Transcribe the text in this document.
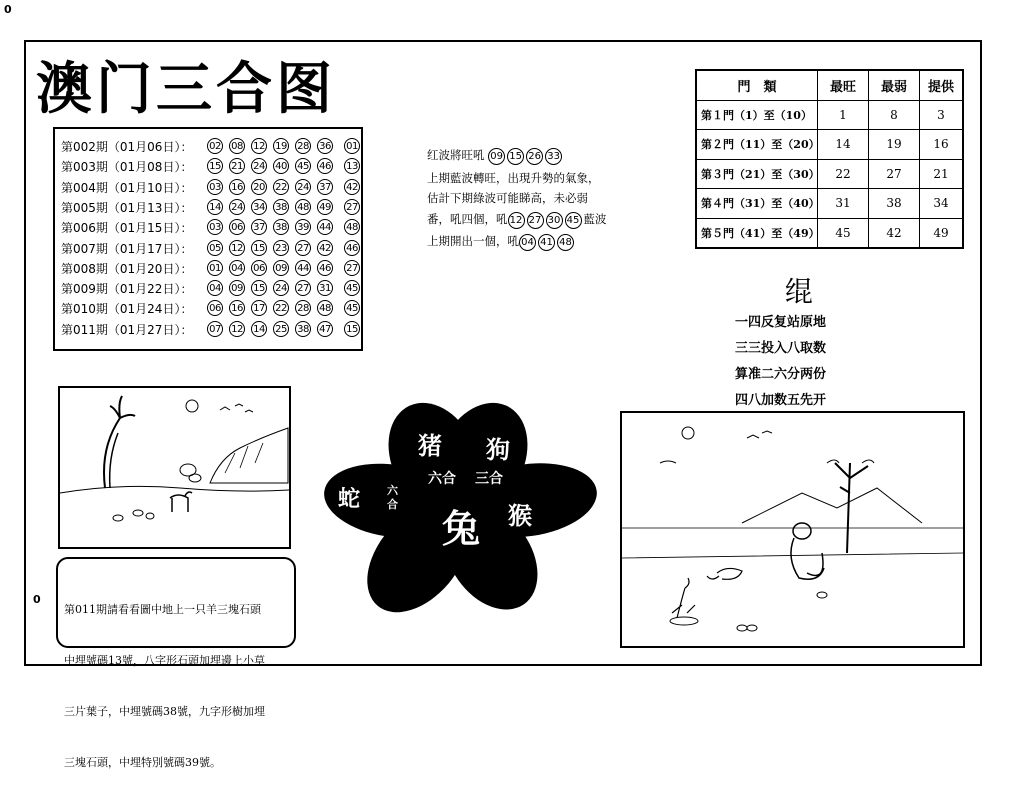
0
0
澳门三合图
第002期（01月06日）： 02 08 12 19 28 36 01
第003期（01月08日）： 15 21 24 40 45 46 13
第004期（01月10日）： 03 16 20 22 24 37 42
第005期（01月13日）： 14 24 34 38 48 49 27
第006期（01月15日）： 03 06 37 38 39 44 48
第007期（01月17日）： 05 12 15 23 27 42 46
第008期（01月20日）： 01 04 06 09 44 46 27
第009期（01月22日）： 04 09 15 24 27 31 45
第010期（01月24日）： 06 16 17 22 28 48 45
第011期（01月27日）： 07 12 14 25 38 47 15
红波將旺吼 09 15 26 33
上期藍波轉旺，出現升勢的氣象，
估計下期綠波可能睇高，未必弱
番，吼四個，吼 12 27 30 45 藍波
上期開出一個，吼 04 41 48
門　類	最旺	最弱	提供
第１門（1）至（10）	1	8	3
第２門（11）至（20）	14	19	16
第３門（21）至（30）	22	27	21
第４門（31）至（40）	31	38	34
第５門（41）至（49）	45	42	49
绲
一四反复站原地
三三投入八取数
算准二六分两份
四八加数五先开
猪 狗
蛇 六合
兔 猴
六合 三合

第011期請看看圖中地上一只羊三塊石頭

中埋號碼13號，八字形石頭加埋邊上小草

三片葉子，中埋號碼38號，九字形樹加埋

三塊石頭，中埋特別號碼39號。
